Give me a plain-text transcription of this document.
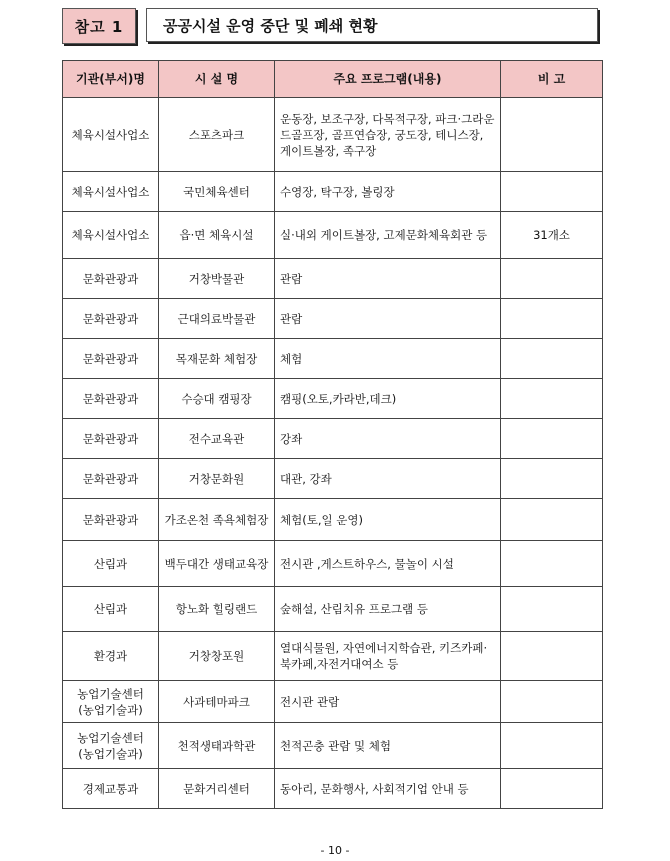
참고 1	공공시설 운영 중단 및 폐쇄 현황
기관(부서)명	시 설 명	주요 프로그램(내용)	비 고
체육시설사업소	스포츠파크	운동장, 보조구장, 다목적구장, 파크·그라운드골프장, 골프연습장, 궁도장, 테니스장, 게이트볼장, 족구장	
체육시설사업소	국민체육센터	수영장, 탁구장, 볼링장	
체육시설사업소	읍·면 체육시설	실·내외 게이트볼장, 고제문화체육회관 등	31개소
문화관광과	거창박물관	관람	
문화관광과	근대의료박물관	관람	
문화관광과	목재문화 체험장	체험	
문화관광과	수승대 캠핑장	캠핑(오토,카라반,데크)	
문화관광과	전수교육관	강좌	
문화관광과	거창문화원	대관, 강좌	
문화관광과	가조온천 족욕체험장	체험(토,일 운영)	
산림과	백두대간 생태교육장	전시관 ,게스트하우스, 물놀이 시설	
산림과	항노화 힐링랜드	숲해설, 산림치유 프로그램 등	
환경과	거창창포원	열대식물원, 자연에너지학습관, 키즈카페·북카페,자전거대여소 등	
농업기술센터 (농업기술과)	사과테마파크	전시관 관람	
농업기술센터 (농업기술과)	천적생태과학관	천적곤충 관람 및 체험	
경제교통과	문화거리센터	동아리, 문화행사, 사회적기업 안내 등	
- 10 -
